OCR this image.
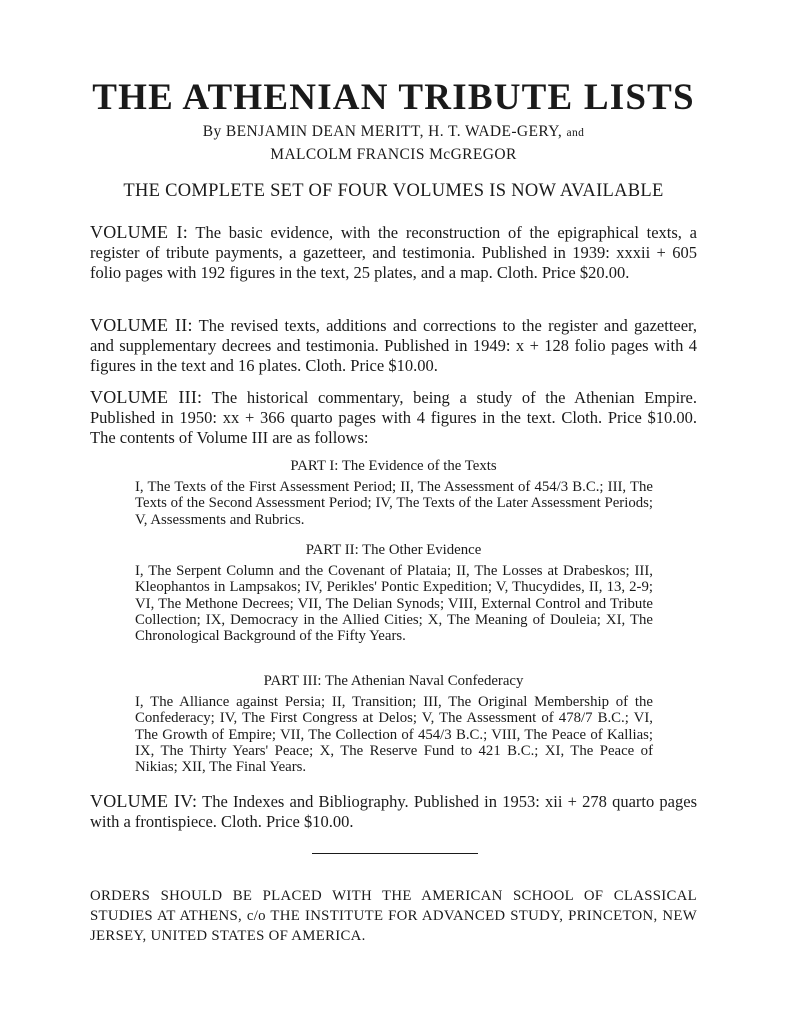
THE ATHENIAN TRIBUTE LISTS
By BENJAMIN DEAN MERITT, H. T. WADE-GERY, and
MALCOLM FRANCIS McGREGOR
THE COMPLETE SET OF FOUR VOLUMES IS NOW AVAILABLE
VOLUME I: The basic evidence, with the reconstruction of the epigraphical texts, a register of tribute payments, a gazetteer, and testimonia. Published in 1939: xxxii + 605 folio pages with 192 figures in the text, 25 plates, and a map. Cloth. Price $20.00.
VOLUME II: The revised texts, additions and corrections to the register and gazetteer, and supplementary decrees and testimonia. Published in 1949: x + 128 folio pages with 4 figures in the text and 16 plates. Cloth. Price $10.00.
VOLUME III: The historical commentary, being a study of the Athenian Empire. Published in 1950: xx + 366 quarto pages with 4 figures in the text. Cloth. Price $10.00. The contents of Volume III are as follows:
PART I: The Evidence of the Texts
I, The Texts of the First Assessment Period; II, The Assessment of 454/3 B.C.; III, The Texts of the Second Assessment Period; IV, The Texts of the Later Assessment Periods; V, Assessments and Rubrics.
PART II: The Other Evidence
I, The Serpent Column and the Covenant of Plataia; II, The Losses at Drabeskos; III, Kleophantos in Lampsakos; IV, Perikles' Pontic Expedition; V, Thucydides, II, 13, 2-9; VI, The Methone Decrees; VII, The Delian Synods; VIII, External Control and Tribute Collection; IX, Democracy in the Allied Cities; X, The Meaning of Douleia; XI, The Chronological Background of the Fifty Years.
PART III: The Athenian Naval Confederacy
I, The Alliance against Persia; II, Transition; III, The Original Membership of the Confederacy; IV, The First Congress at Delos; V, The Assessment of 478/7 B.C.; VI, The Growth of Empire; VII, The Collection of 454/3 B.C.; VIII, The Peace of Kallias; IX, The Thirty Years' Peace; X, The Reserve Fund to 421 B.C.; XI, The Peace of Nikias; XII, The Final Years.
VOLUME IV: The Indexes and Bibliography. Published in 1953: xii + 278 quarto pages with a frontispiece. Cloth. Price $10.00.
ORDERS SHOULD BE PLACED WITH THE AMERICAN SCHOOL OF CLASSICAL STUDIES AT ATHENS, c/o THE INSTITUTE FOR ADVANCED STUDY, PRINCETON, NEW JERSEY, UNITED STATES OF AMERICA.
